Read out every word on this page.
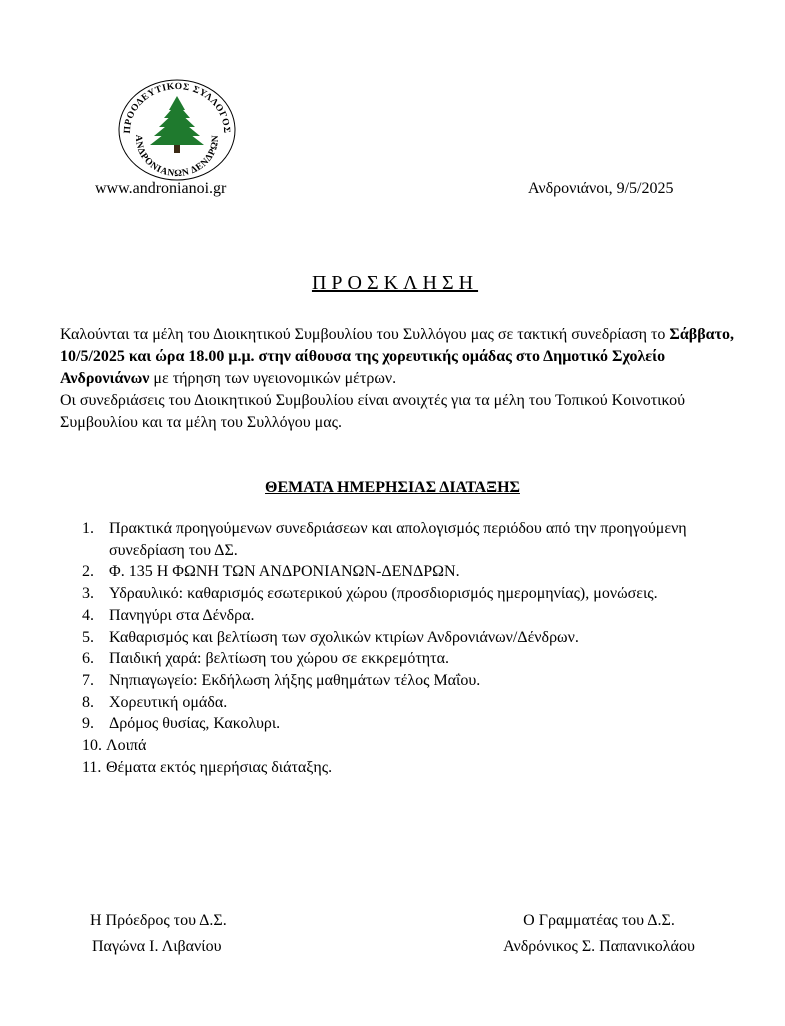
ΠΡΟΟΔΕΥΤΙΚΟΣ ΣΥΛΛΟΓΟΣ
ΑΝΔΡΟΝΙΑΝΩΝ ΔΕΝΔΡΩΝ
www.andronianoi.gr	Ανδρονιάνοι, 9/5/2025
ΠΡΟΣΚΛΗΣΗ

Καλούνται τα μέλη του Διοικητικού Συμβουλίου του Συλλόγου μας σε τακτική συνεδρίαση το Σάββατο, 10/5/2025 και ώρα 18.00 μ.μ. στην αίθουσα της χορευτικής ομάδας στο Δημοτικό Σχολείο Ανδρονιάνων με τήρηση των υγειονομικών μέτρων.

Οι συνεδριάσεις του Διοικητικού Συμβουλίου είναι ανοιχτές για τα μέλη του Τοπικού Κοινοτικού Συμβουλίου και τα μέλη του Συλλόγου μας.

ΘΕΜΑΤΑ ΗΜΕΡΗΣΙΑΣ ΔΙΑΤΑΞΗΣ
1. Πρακτικά προηγούμενων συνεδριάσεων και απολογισμός περιόδου από την προηγούμενη συνεδρίαση του ΔΣ.
2. Φ. 135 Η ΦΩΝΗ ΤΩΝ ΑΝΔΡΟΝΙΑΝΩΝ-ΔΕΝΔΡΩΝ.
3. Υδραυλικό: καθαρισμός εσωτερικού χώρου (προσδιορισμός ημερομηνίας), μονώσεις.
4. Πανηγύρι στα Δένδρα.
5. Καθαρισμός και βελτίωση των σχολικών κτιρίων Ανδρονιάνων/Δένδρων.
6. Παιδική χαρά: βελτίωση του χώρου σε εκκρεμότητα.
7. Νηπιαγωγείο: Εκδήλωση λήξης μαθημάτων τέλος Μαΐου.
8. Χορευτική ομάδα.
9. Δρόμος θυσίας, Κακολυρι.
10. Λοιπά
11. Θέματα εκτός ημερήσιας διάταξης.
Η Πρόεδρος του Δ.Σ.
Παγώνα Ι. Λιβανίου
Ο Γραμματέας του Δ.Σ.
Ανδρόνικος Σ. Παπανικολάου
